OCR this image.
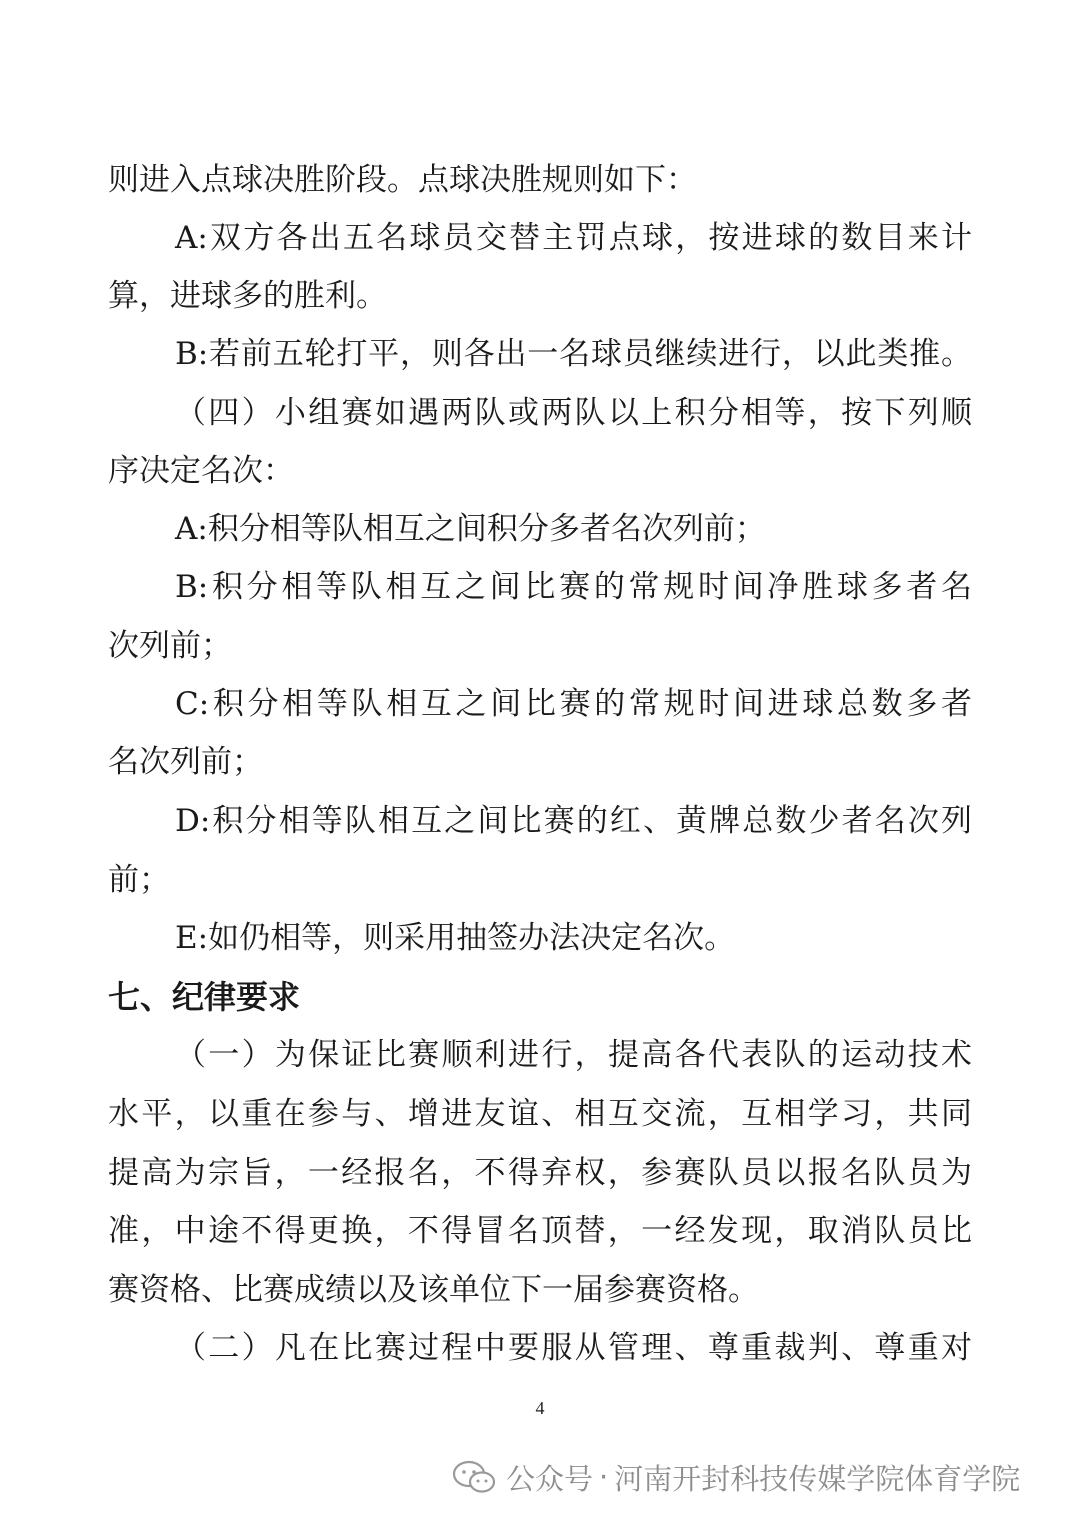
则进入点球决胜阶段。点球决胜规则如下：
A:双方各出五名球员交替主罚点球，按进球的数目来计
算，进球多的胜利。
B:若前五轮打平，则各出一名球员继续进行，以此类推。
（四）小组赛如遇两队或两队以上积分相等，按下列顺
序决定名次：
A:积分相等队相互之间积分多者名次列前；
B:积分相等队相互之间比赛的常规时间净胜球多者名
次列前；
C:积分相等队相互之间比赛的常规时间进球总数多者
名次列前；
D:积分相等队相互之间比赛的红、黄牌总数少者名次列
前；
E:如仍相等，则采用抽签办法决定名次。
七、纪律要求
（一）为保证比赛顺利进行，提高各代表队的运动技术
水平，以重在参与、增进友谊、相互交流，互相学习，共同
提高为宗旨，一经报名，不得弃权，参赛队员以报名队员为
准，中途不得更换，不得冒名顶替，一经发现，取消队员比
赛资格、比赛成绩以及该单位下一届参赛资格。
（二）凡在比赛过程中要服从管理、尊重裁判、尊重对
4
公众号 · 河南开封科技传媒学院体育学院
